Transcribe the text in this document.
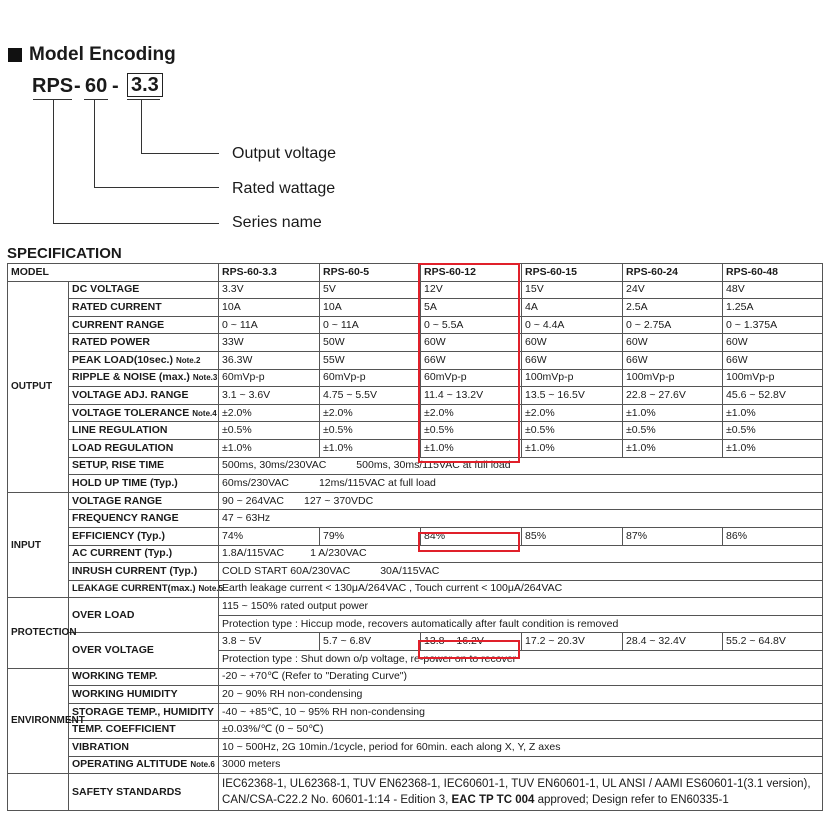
Model Encoding
RPS - 60 - 3.3
Output voltage
Rated wattage
Series name
SPECIFICATION
MODEL		RPS-60-3.3	RPS-60-5	RPS-60-12	RPS-60-15	RPS-60-24	RPS-60-48
OUTPUT	DC VOLTAGE	3.3V	5V	12V	15V	24V	48V
	RATED CURRENT	10A	10A	5A	4A	2.5A	1.25A
	CURRENT RANGE	0 ~ 11A	0 ~ 11A	0 ~ 5.5A	0 ~ 4.4A	0 ~ 2.75A	0 ~ 1.375A
	RATED POWER	33W	50W	60W	60W	60W	60W
	PEAK LOAD(10sec.) Note.2	36.3W	55W	66W	66W	66W	66W
	RIPPLE & NOISE (max.) Note.3	60mVp-p	60mVp-p	60mVp-p	100mVp-p	100mVp-p	100mVp-p
	VOLTAGE ADJ. RANGE	3.1 ~ 3.6V	4.75 ~ 5.5V	11.4 ~ 13.2V	13.5 ~ 16.5V	22.8 ~ 27.6V	45.6 ~ 52.8V
	VOLTAGE TOLERANCE Note.4	±2.0%	±2.0%	±2.0%	±2.0%	±1.0%	±1.0%
	LINE REGULATION	±0.5%	±0.5%	±0.5%	±0.5%	±0.5%	±0.5%
	LOAD REGULATION	±1.0%	±1.0%	±1.0%	±1.0%	±1.0%	±1.0%
	SETUP, RISE TIME	500ms, 30ms/230VAC 500ms, 30ms/115VAC at full load					
	HOLD UP TIME (Typ.)	60ms/230VAC 12ms/115VAC at full load					
INPUT	VOLTAGE RANGE	90 ~ 264VAC 127 ~ 370VDC					
	FREQUENCY RANGE	47 ~ 63Hz					
	EFFICIENCY (Typ.)	74%	79%	84%	85%	87%	86%
	AC CURRENT (Typ.)	1.8A/115VAC 1 A/230VAC					
	INRUSH CURRENT (Typ.)	COLD START 60A/230VAC 30A/115VAC					
	LEAKAGE CURRENT(max.) Note.5	Earth leakage current < 130μA/264VAC , Touch current < 100μA/264VAC					
PROTECTION	OVER LOAD	115 ~ 150% rated output power					
		Protection type : Hiccup mode, recovers automatically after fault condition is removed					
	OVER VOLTAGE	3.8 ~ 5V	5.7 ~ 6.8V	13.8 ~ 16.2V	17.2 ~ 20.3V	28.4 ~ 32.4V	55.2 ~ 64.8V
		Protection type : Shut down o/p voltage, re-power on to recover					
ENVIRONMENT	WORKING TEMP.	-20 ~ +70℃ (Refer to "Derating Curve")					
	WORKING HUMIDITY	20 ~ 90% RH non-condensing					
	STORAGE TEMP., HUMIDITY	-40 ~ +85℃, 10 ~ 95% RH non-condensing					
	TEMP. COEFFICIENT	±0.03%/℃ (0 ~ 50℃)					
	VIBRATION	10 ~ 500Hz, 2G 10min./1cycle, period for 60min. each along X, Y, Z axes					
	OPERATING ALTITUDE Note.6	3000 meters					
	SAFETY STANDARDS	IEC62368-1, UL62368-1, TUV EN62368-1, IEC60601-1, TUV EN60601-1, UL ANSI / AAMI ES60601-1(3.1 version),
CAN/CSA-C22.2 No. 60601-1:14 - Edition 3, EAC TP TC 004 approved; Design refer to EN60335-1					
